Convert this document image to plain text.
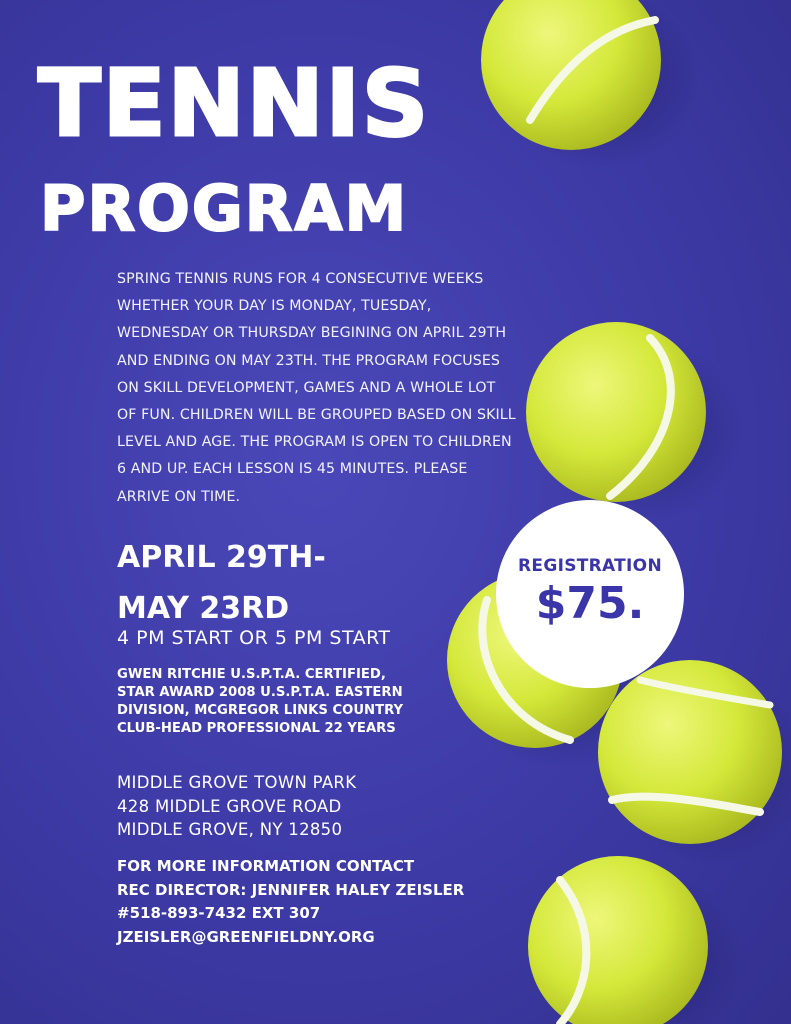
TENNIS
PROGRAM
SPRING TENNIS RUNS FOR 4 CONSECUTIVE WEEKS WHETHER YOUR DAY IS MONDAY, TUESDAY, WEDNESDAY OR THURSDAY BEGINING ON APRIL 29TH AND ENDING ON MAY 23TH. THE PROGRAM FOCUSES ON SKILL DEVELOPMENT, GAMES AND A WHOLE LOT OF FUN. CHILDREN WILL BE GROUPED BASED ON SKILL LEVEL AND AGE. THE PROGRAM IS OPEN TO CHILDREN 6 AND UP. EACH LESSON IS 45 MINUTES. PLEASE ARRIVE ON TIME.
APRIL 29TH-
MAY 23RD
4 PM START OR 5 PM START
GWEN RITCHIE U.S.P.T.A. CERTIFIED,
STAR AWARD 2008 U.S.P.T.A. EASTERN
DIVISION, MCGREGOR LINKS COUNTRY
CLUB-HEAD PROFESSIONAL 22 YEARS
MIDDLE GROVE TOWN PARK
428 MIDDLE GROVE ROAD
MIDDLE GROVE, NY 12850
FOR MORE INFORMATION CONTACT
REC DIRECTOR: JENNIFER HALEY ZEISLER
#518-893-7432 EXT 307
JZEISLER@GREENFIELDNY.ORG
REGISTRATION
$75.
